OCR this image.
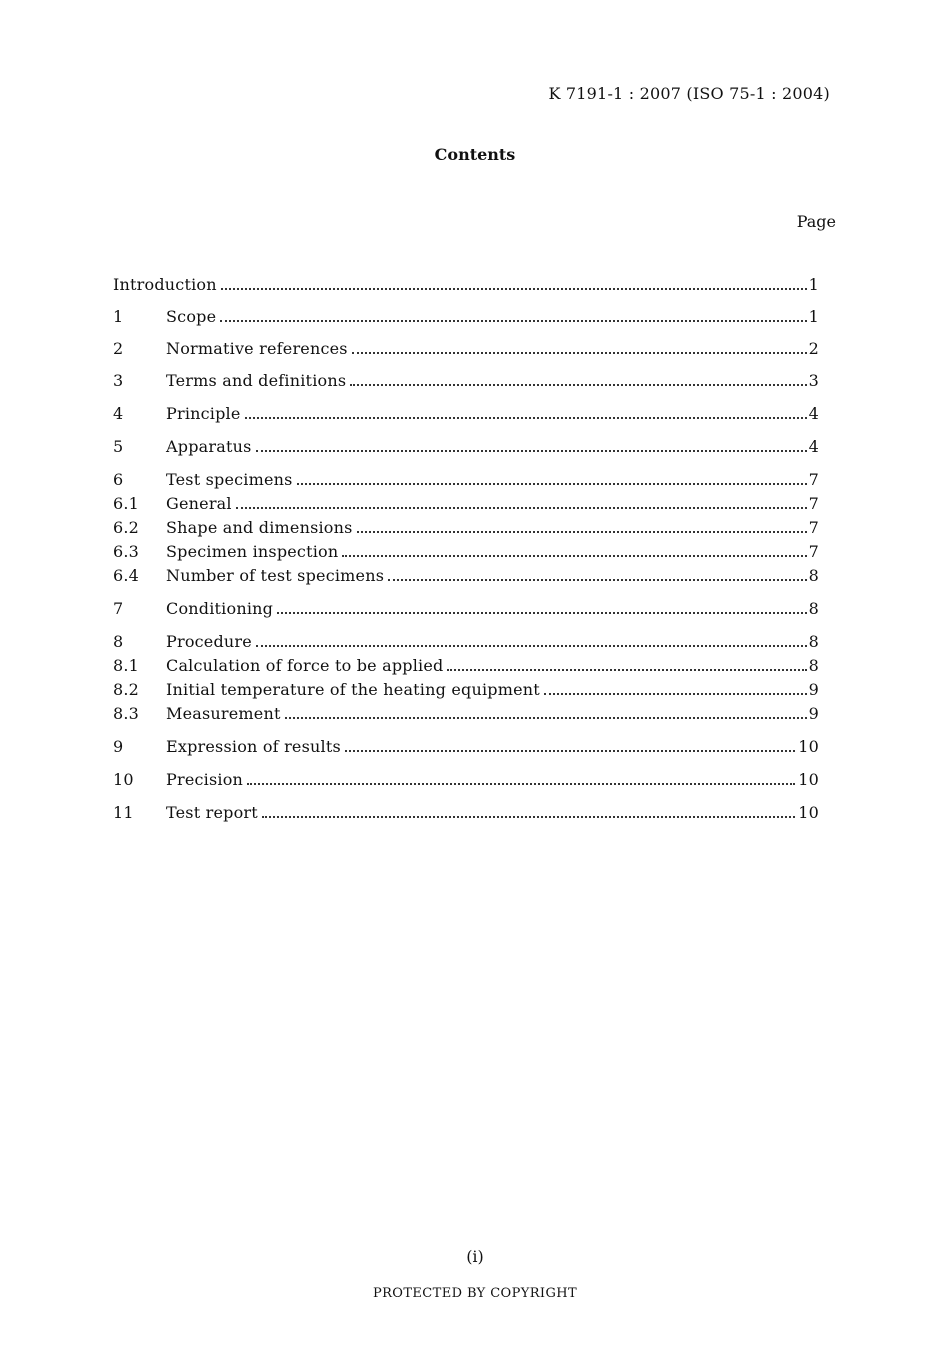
K 7191-1 : 2007 (ISO 75-1 : 2004)
Contents
Page
Introduction	1
1	Scope	1
2	Normative references	2
3	Terms and definitions	3
4	Principle	4
5	Apparatus	4
6	Test specimens	7
6.1	General	7
6.2	Shape and dimensions	7
6.3	Specimen inspection	7
6.4	Number of test specimens	8
7	Conditioning	8
8	Procedure	8
8.1	Calculation of force to be applied	8
8.2	Initial temperature of the heating equipment	9
8.3	Measurement	9
9	Expression of results	10
10	Precision	10
11	Test report	10
(i)
PROTECTED BY COPYRIGHT
